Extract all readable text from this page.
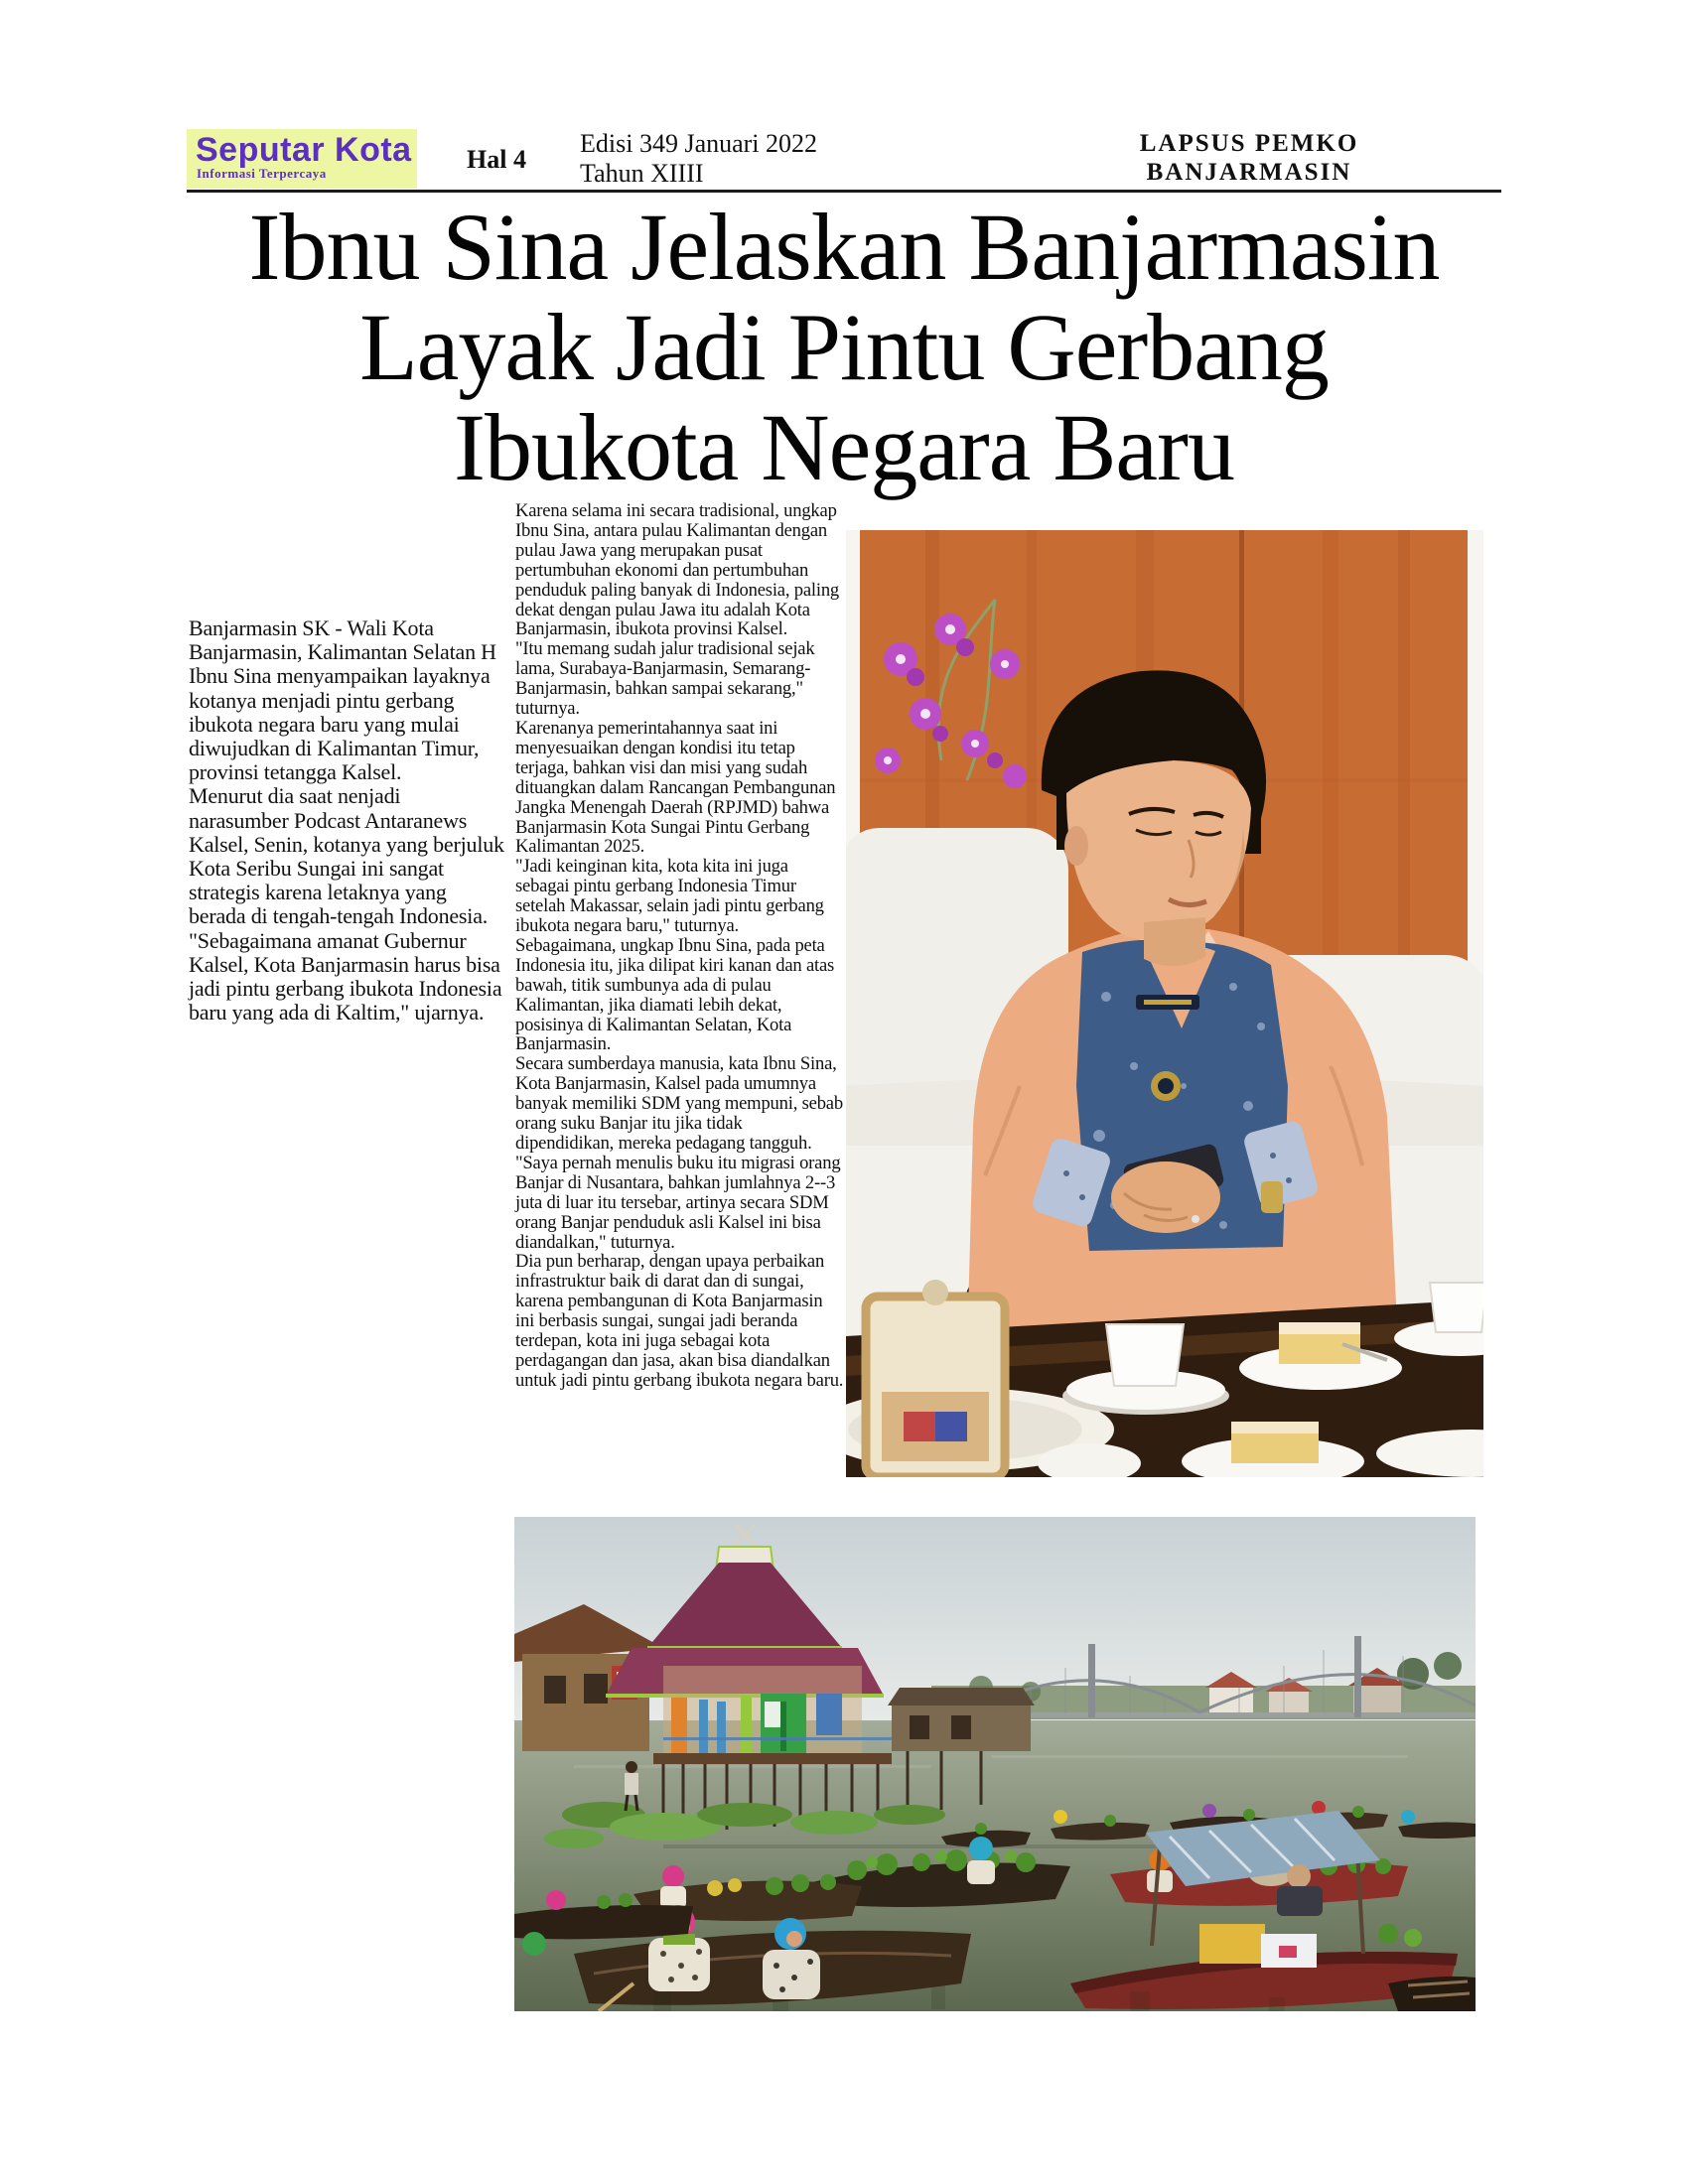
Seputar Kota
Informasi Terpercaya	Hal 4
Edisi 349 Januari 2022
Tahun XIIII
LAPSUS PEMKO
BANJARMASIN
Ibnu Sina Jelaskan Banjarmasin
Layak Jadi Pintu Gerbang
Ibukota Negara Baru

Banjarmasin SK - Wali Kota Banjarmasin, Kalimantan Selatan H Ibnu Sina menyampaikan layaknya kotanya menjadi pintu gerbang ibukota negara baru yang mulai diwujudkan di Kalimantan Timur, provinsi tetangga Kalsel.

Menurut dia saat nenjadi narasumber Podcast Antaranews Kalsel, Senin, kotanya yang berjuluk Kota Seribu Sungai ini sangat strategis karena letaknya yang berada di tengah-tengah Indonesia.

"Sebagaimana amanat Gubernur Kalsel, Kota Banjarmasin harus bisa jadi pintu gerbang ibukota Indonesia baru yang ada di Kaltim," ujarnya.

Karena selama ini secara tradisional, ungkap Ibnu Sina, antara pulau Kalimantan dengan pulau Jawa yang merupakan pusat pertumbuhan ekonomi dan pertumbuhan penduduk paling banyak di Indonesia, paling dekat dengan pulau Jawa itu adalah Kota Banjarmasin, ibukota provinsi Kalsel.

"Itu memang sudah jalur tradisional sejak lama, Surabaya-Banjarmasin, Semarang-Banjarmasin, bahkan sampai sekarang," tuturnya.

Karenanya pemerintahannya saat ini menyesuaikan dengan kondisi itu tetap terjaga, bahkan visi dan misi yang sudah dituangkan dalam Rancangan Pembangunan Jangka Menengah Daerah (RPJMD) bahwa Banjarmasin Kota Sungai Pintu Gerbang Kalimantan 2025.

"Jadi keinginan kita, kota kita ini juga sebagai pintu gerbang Indonesia Timur setelah Makassar, selain jadi pintu gerbang ibukota negara baru," tuturnya.

Sebagaimana, ungkap Ibnu Sina, pada peta Indonesia itu, jika dilipat kiri kanan dan atas bawah, titik sumbunya ada di pulau Kalimantan, jika diamati lebih dekat, posisinya di Kalimantan Selatan, Kota Banjarmasin.

Secara sumberdaya manusia, kata Ibnu Sina, Kota Banjarmasin, Kalsel pada umumnya banyak memiliki SDM yang mempuni, sebab orang suku Banjar itu jika tidak dipendidikan, mereka pedagang tangguh.

"Saya pernah menulis buku itu migrasi orang Banjar di Nusantara, bahkan jumlahnya 2--3 juta di luar itu tersebar, artinya secara SDM orang Banjar penduduk asli Kalsel ini bisa diandalkan," tuturnya.

Dia pun berharap, dengan upaya perbaikan infrastruktur baik di darat dan di sungai, karena pembangunan di Kota Banjarmasin ini berbasis sungai, sungai jadi beranda terdepan, kota ini juga sebagai kota perdagangan dan jasa, akan bisa diandalkan untuk jadi pintu gerbang ibukota negara baru.
